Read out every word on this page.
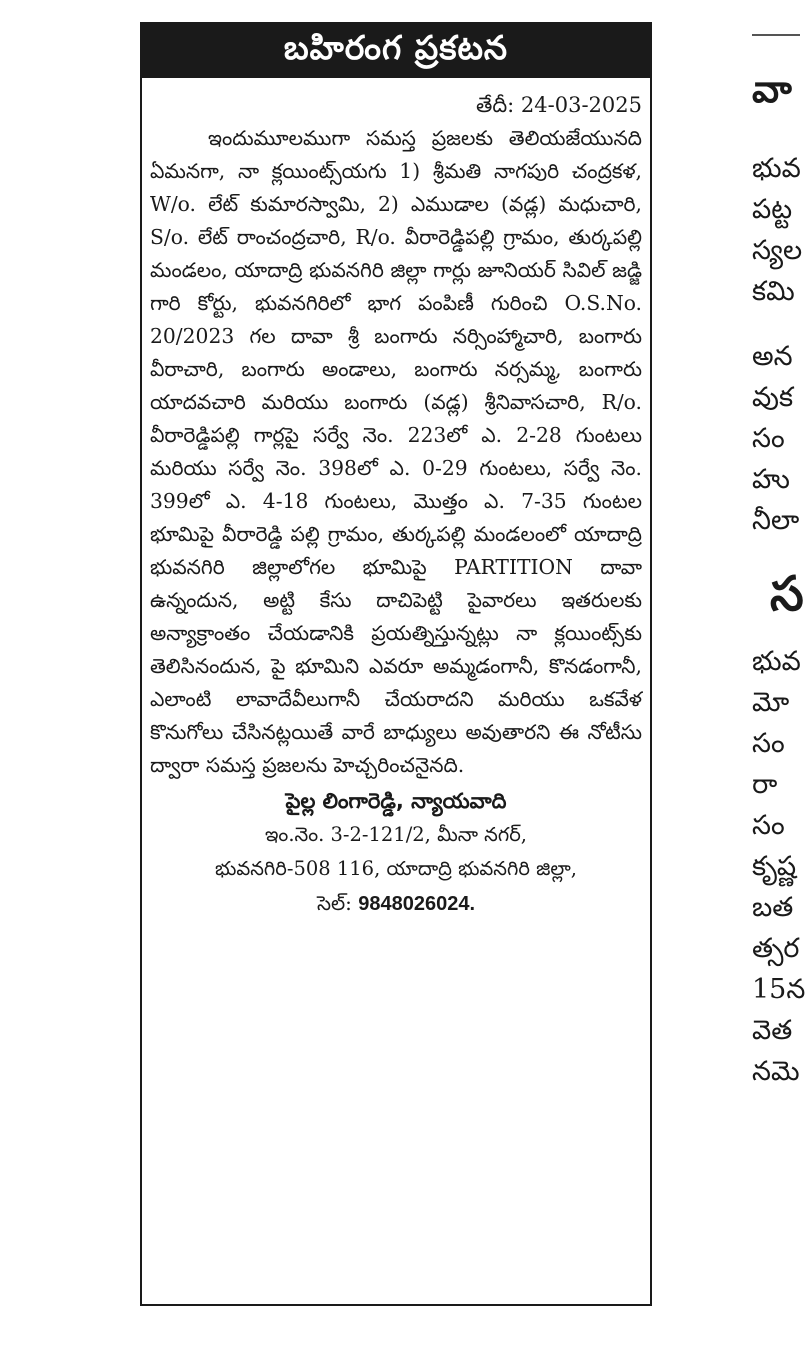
బహిరంగ ప్రకటన
తేదీ: 24-03-2025

ఇందుమూలముగా సమస్త ప్రజలకు తెలియజేయునది ఏమనగా, నా క్లయింట్స్‌యగు 1) శ్రీమతి నాగపురి చంద్రకళ, W/o. లేట్ కుమారస్వామి, 2) ఎముడాల (వడ్ల) మధుచారి, S/o. లేట్ రాంచంద్రచారి, R/o. వీరారెడ్డిపల్లి గ్రామం, తుర్కపల్లి మండలం, యాదాద్రి భువనగిరి జిల్లా గార్లు జూనియర్ సివిల్ జడ్జి గారి కోర్టు, భువనగిరిలో భాగ పంపిణీ గురించి O.S.No. 20/2023 గల దావా శ్రీ బంగారు నర్సింహ్మాచారి, బంగారు వీరాచారి, బంగారు అండాలు, బంగారు నర్సమ్మ, బంగారు యాదవచారి మరియు బంగారు (వడ్ల) శ్రీనివాసచారి, R/o. వీరారెడ్డిపల్లి గార్లపై సర్వే నెం. 223లో ఎ. 2-28 గుంటలు మరియు సర్వే నెం. 398లో ఎ. 0-29 గుంటలు, సర్వే నెం. 399లో ఎ. 4-18 గుంటలు, మొత్తం ఎ. 7-35 గుంటల భూమిపై వీరారెడ్డి పల్లి గ్రామం, తుర్కపల్లి మండలంలో యాదాద్రి భువనగిరి జిల్లాలోగల భూమిపై PARTITION దావా ఉన్నందున, అట్టి కేసు దాచిపెట్టి పైవారలు ఇతరులకు అన్యాక్రాంతం చేయడానికి ప్రయత్నిస్తున్నట్లు నా క్లయింట్స్‌కు తెలిసినందున, పై భూమిని ఎవరూ అమ్మడంగానీ, కొనడంగానీ, ఎలాంటి లావాదేవీలుగానీ చేయరాదని మరియు ఒకవేళ కొనుగోలు చేసినట్లయితే వారే బాధ్యులు అవుతారని ఈ నోటీసు ద్వారా సమస్త ప్రజలను హెచ్చరించనైనది.

పైల్ల లింగారెడ్డి, న్యాయవాది
ఇం.నెం. 3-2-121/2, మీనా నగర్,
భువనగిరి-508 116, యాదాద్రి భువనగిరి జిల్లా,
సెల్: 9848026024.
వా
భువ
పట్ట
స్యల
కమి
అన
వుక
సం
హు
నీలా
స
భువ
మో
సం
రా
సం
కృష్ణ
బత
త్సర
15న
వెత
నమె
